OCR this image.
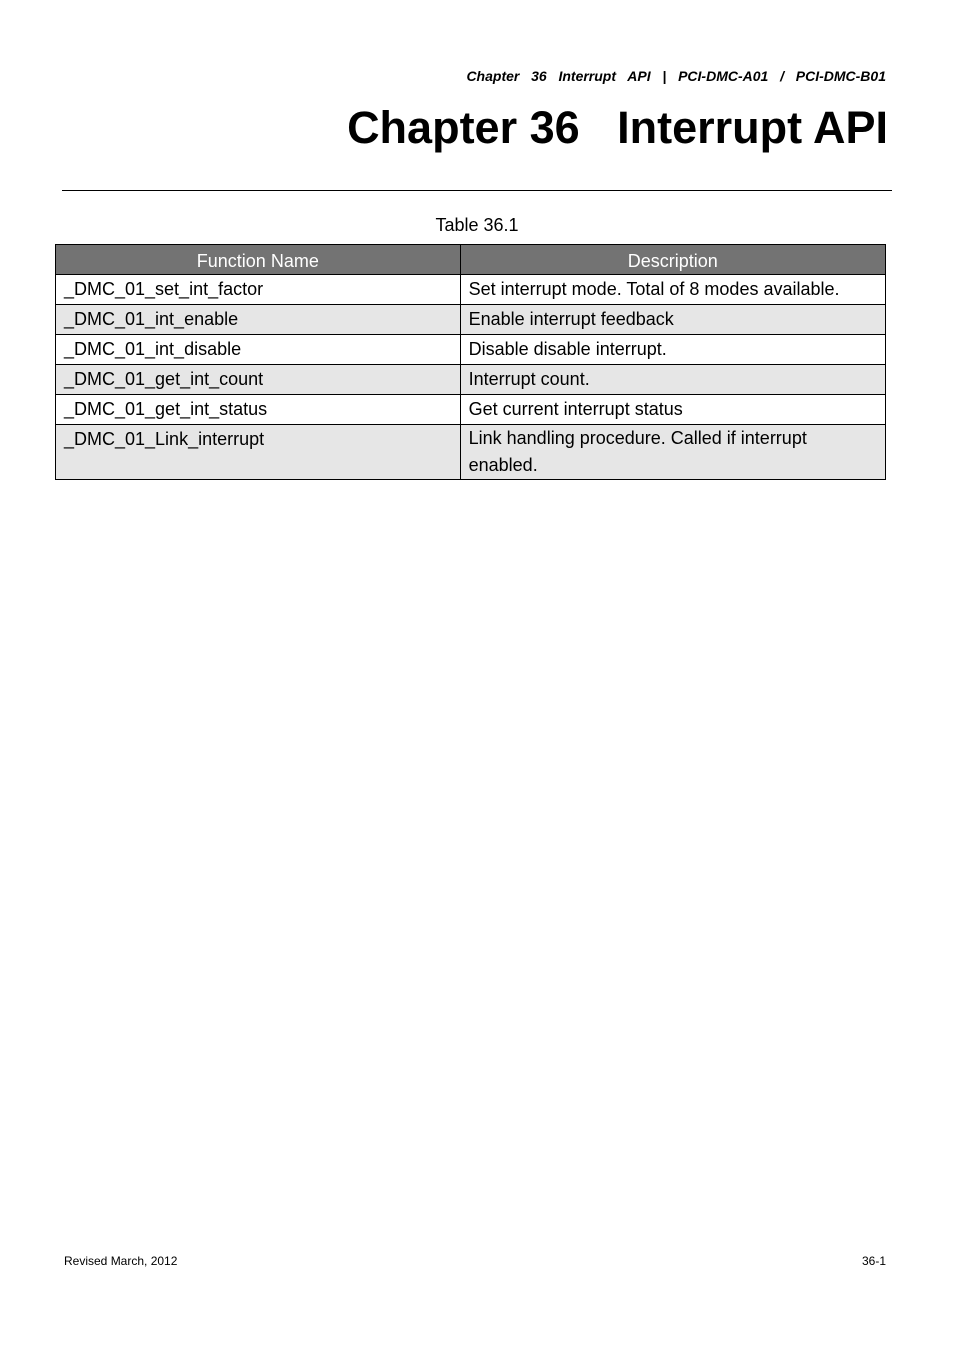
Chapter  36  Interrupt  API  |  PCI-DMC-A01  /  PCI-DMC-B01
Chapter 36   Interrupt API
Table 36.1
Function Name	Description
_DMC_01_set_int_factor	Set interrupt mode. Total of 8 modes available.
_DMC_01_int_enable	Enable interrupt feedback
_DMC_01_int_disable	Disable disable interrupt.
_DMC_01_get_int_count	Interrupt count.
_DMC_01_get_int_status	Get current interrupt status
_DMC_01_Link_interrupt	Link handling procedure. Called if interrupt enabled.
Revised March, 2012	36-1
